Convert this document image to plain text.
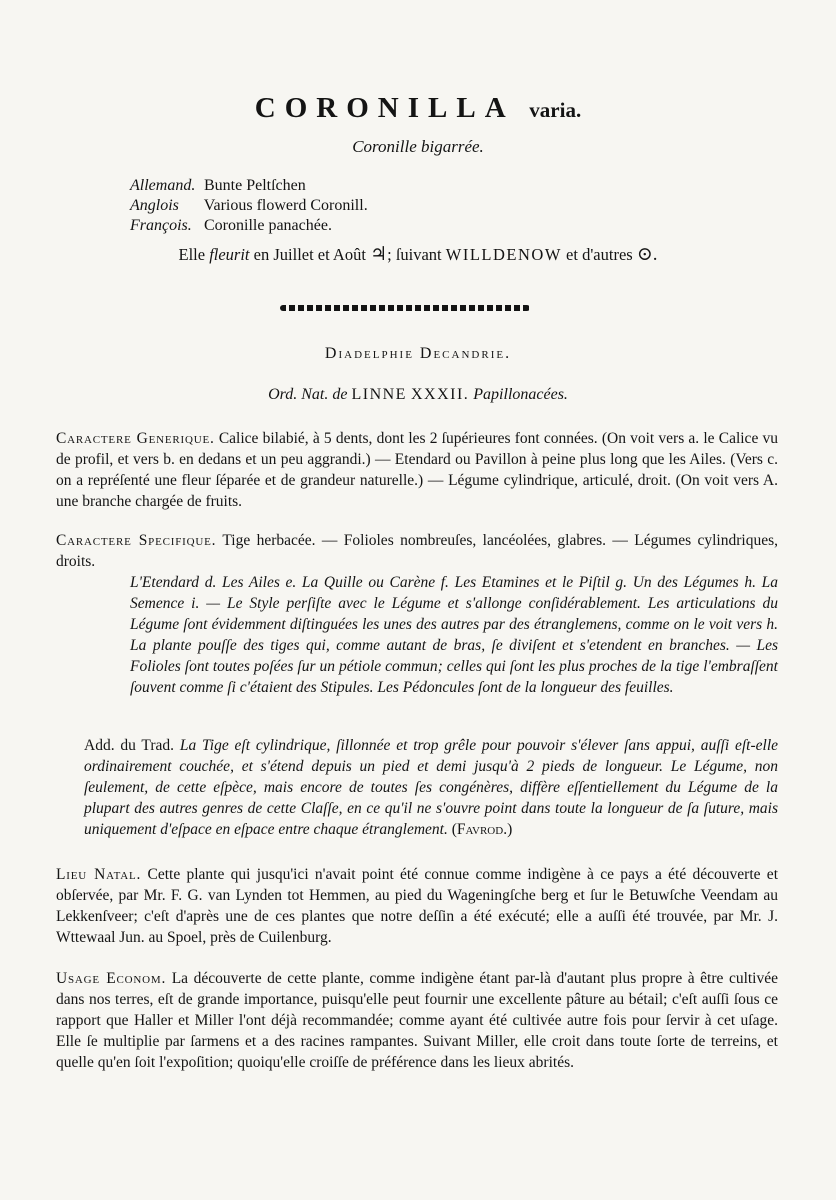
CORONILLA varia.
Coronille bigarrée.
Allemand. Bunte Peltſchen
Anglois Various flowerd Coronill.
François. Coronille panachée.
Elle fleurit en Juillet et Août ♃; ſuivant WILLDENOW et d'autres ⊙.
Diadelphie Decandrie.
Ord. Nat. de LINNE XXXII. Papillonacées.
Caractere Generique. Calice bilabié, à 5 dents, dont les 2 ſupérieures font connées. (On voit vers a. le Calice vu de profil, et vers b. en dedans et un peu aggrandi.) — Etendard ou Pavillon à peine plus long que les Ailes. (Vers c. on a repréſenté une fleur ſéparée et de grandeur naturelle.) — Légume cylindrique, articulé, droit. (On voit vers A. une branche chargée de fruits.
Caractere Specifique. Tige herbacée. — Folioles nombreuſes, lancéolées, glabres. — Légumes cylindriques, droits.
L'Etendard d. Les Ailes e. La Quille ou Carène f. Les Etamines et le Piſtil g. Un des Légumes h. La Semence i. — Le Style perſiſte avec le Légume et s'allonge conſidérablement. Les articulations du Légume ſont évidemment diſtinguées les unes des autres par des étranglemens, comme on le voit vers h. La plante pouſſe des tiges qui, comme autant de bras, ſe diviſent et s'etendent en branches. — Les Folioles ſont toutes poſées ſur un pétiole commun; celles qui ſont les plus proches de la tige l'embraſſent ſouvent comme ſi c'étaient des Stipules. Les Pédoncules ſont de la longueur des feuilles.
Add. du Trad. La Tige eſt cylindrique, ſillonnée et trop grêle pour pouvoir s'élever ſans appui, auſſi eſt-elle ordinairement couchée, et s'étend depuis un pied et demi jusqu'à 2 pieds de longueur. Le Légume, non ſeulement, de cette eſpèce, mais encore de toutes ſes congénères, diffère eſſentiellement du Légume de la plupart des autres genres de cette Claſſe, en ce qu'il ne s'ouvre point dans toute la longueur de ſa ſuture, mais uniquement d'eſpace en eſpace entre chaque étranglement. (Favrod.)
Lieu Natal. Cette plante qui jusqu'ici n'avait point été connue comme indigène à ce pays a été découverte et obſervée, par Mr. F. G. van Lynden tot Hemmen, au pied du Wageningſche berg et ſur le Betuwſche Veendam au Lekkenſveer; c'eſt d'après une de ces plantes que notre deſſin a été exécuté; elle a auſſi été trouvée, par Mr. J. Wttewaal Jun. au Spoel, près de Cuilenburg.
Usage Econom. La découverte de cette plante, comme indigène étant par-là d'autant plus propre à être cultivée dans nos terres, eſt de grande importance, puisqu'elle peut fournir une excellente pâture au bétail; c'eſt auſſi ſous ce rapport que Haller et Miller l'ont déjà recommandée; comme ayant été cultivée autre fois pour ſervir à cet uſage. Elle ſe multiplie par ſarmens et a des racines rampantes. Suivant Miller, elle croit dans toute ſorte de terreins, et quelle qu'en ſoit l'expoſition; quoiqu'elle croiſſe de préférence dans les lieux abrités.
